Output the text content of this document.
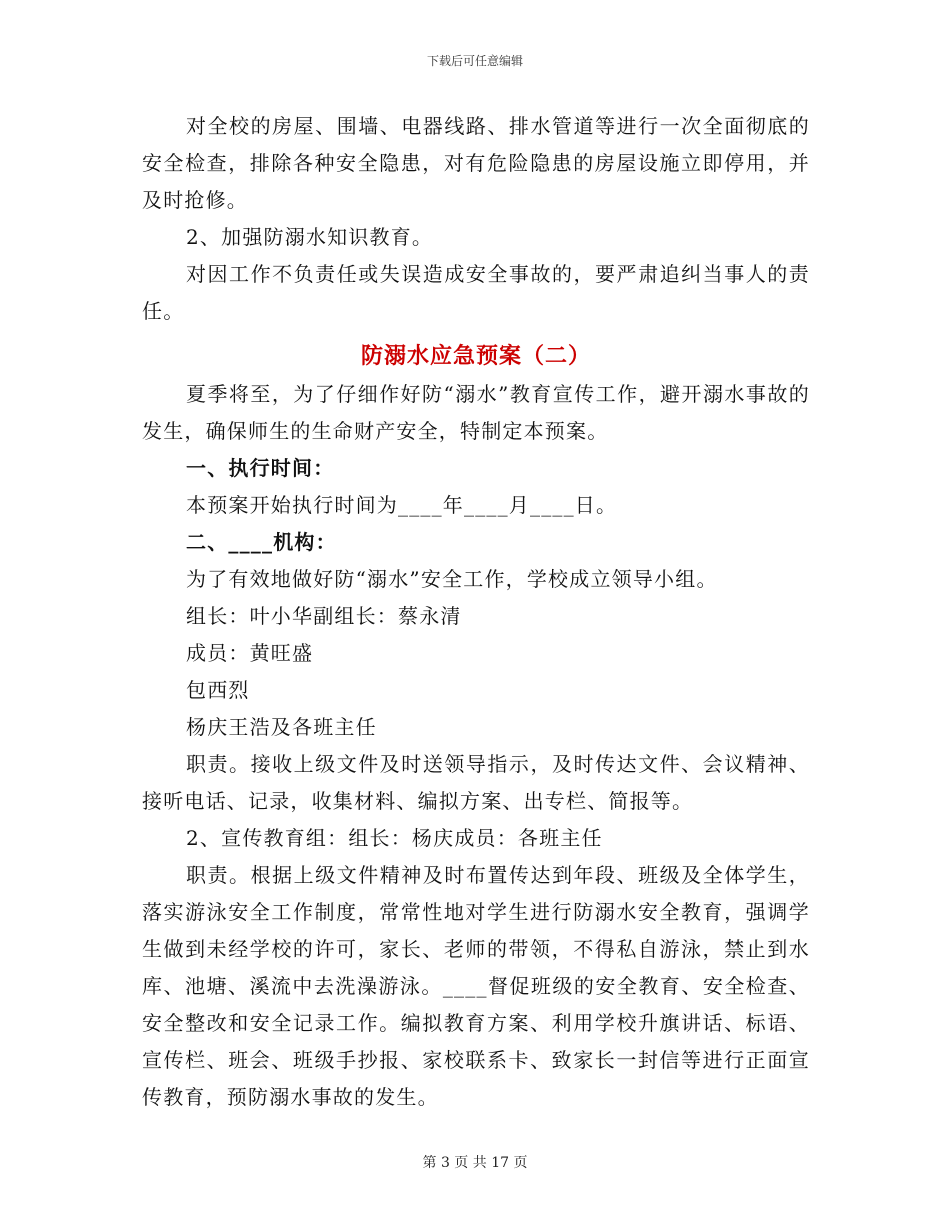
下载后可任意编辑

对全校的房屋、围墙、电器线路、排水管道等进行一次全面彻底的安全检查，排除各种安全隐患，对有危险隐患的房屋设施立即停用，并及时抢修。

2、加强防溺水知识教育。

对因工作不负责任或失误造成安全事故的，要严肃追纠当事人的责任。

防溺水应急预案（二）

夏季将至，为了仔细作好防“溺水”教育宣传工作，避开溺水事故的发生，确保师生的生命财产安全，特制定本预案。

一、执行时间：

本预案开始执行时间为____年____月____日。

二、____机构：

为了有效地做好防“溺水”安全工作，学校成立领导小组。

组长：叶小华副组长：蔡永清

成员：黄旺盛

包西烈

杨庆王浩及各班主任

职责。接收上级文件及时送领导指示，及时传达文件、会议精神、接听电话、记录，收集材料、编拟方案、出专栏、简报等。

2、宣传教育组：组长：杨庆成员：各班主任

职责。根据上级文件精神及时布置传达到年段、班级及全体学生，落实游泳安全工作制度，常常性地对学生进行防溺水安全教育，强调学生做到未经学校的许可，家长、老师的带领，不得私自游泳，禁止到水库、池塘、溪流中去洗澡游泳。____督促班级的安全教育、安全检查、安全整改和安全记录工作。编拟教育方案、利用学校升旗讲话、标语、宣传栏、班会、班级手抄报、家校联系卡、致家长一封信等进行正面宣传教育，预防溺水事故的发生。

第 3 页 共 17 页
